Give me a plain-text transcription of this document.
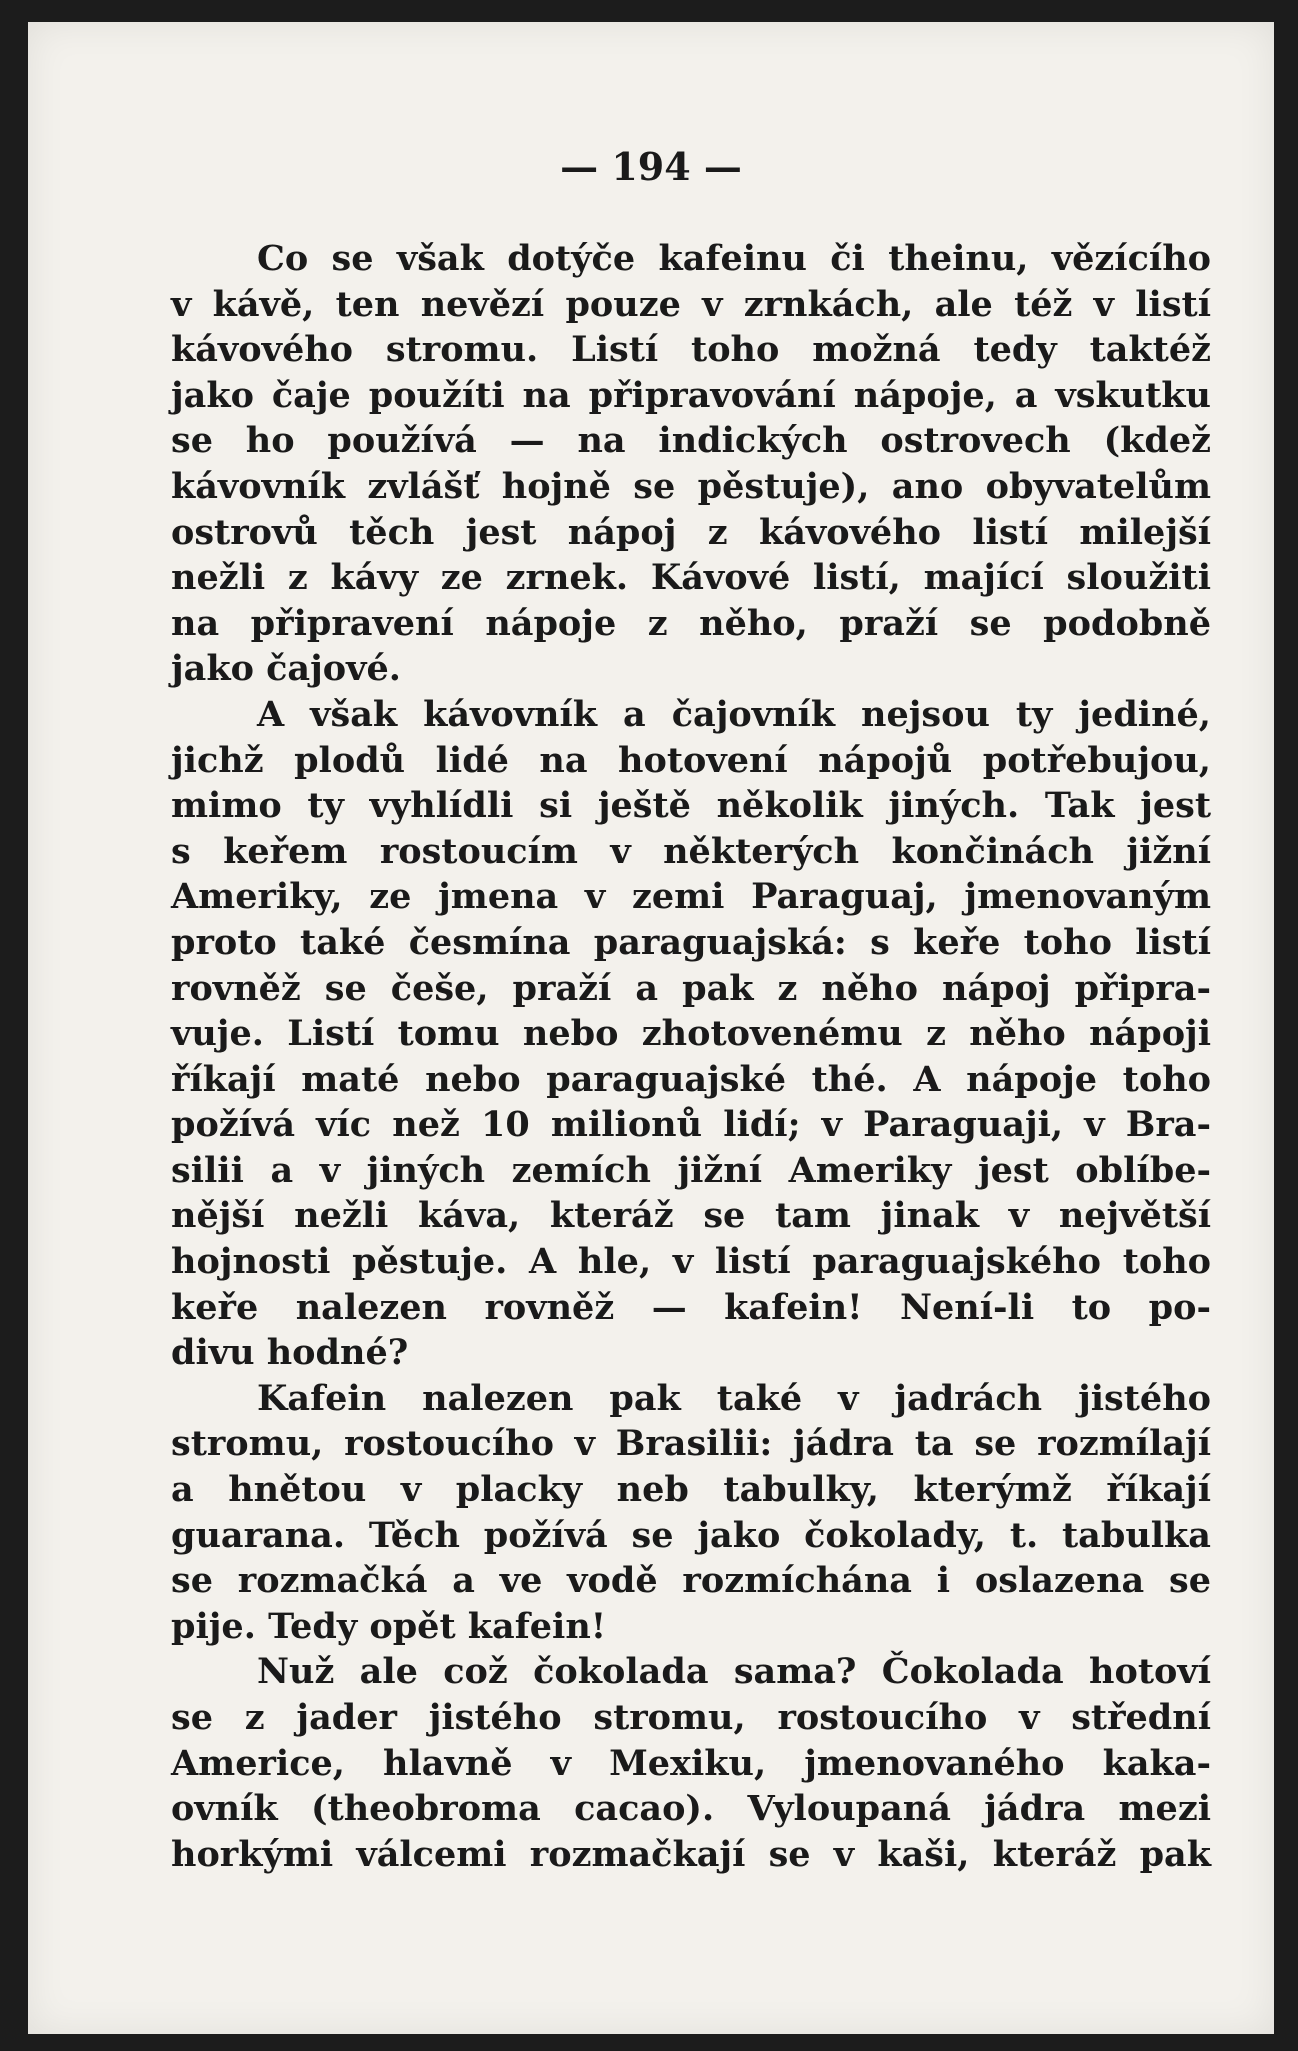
— 194 —
Co se však dotýče kafeinu či theinu, vězícího
v kávě, ten nevězí pouze v zrnkách, ale též v listí
kávového stromu. Listí toho možná tedy taktéž
jako čaje použíti na připravování nápoje, a vskutku
se ho používá — na indických ostrovech (kdež
kávovník zvlášť hojně se pěstuje), ano obyvatelům
ostrovů těch jest nápoj z kávového listí milejší
nežli z kávy ze zrnek. Kávové listí, mající sloužiti
na připravení nápoje z něho, praží se podobně
jako čajové.
A však kávovník a čajovník nejsou ty jediné,
jichž plodů lidé na hotovení nápojů potřebujou,
mimo ty vyhlídli si ještě několik jiných. Tak jest
s keřem rostoucím v některých končinách jižní
Ameriky, ze jmena v zemi Paraguaj, jmenovaným
proto také česmína paraguajská: s keře toho listí
rovněž se češe, praží a pak z něho nápoj připra-
vuje. Listí tomu nebo zhotovenému z něho nápoji
říkají maté nebo paraguajské thé. A nápoje toho
požívá víc než 10 milionů lidí; v Paraguaji, v Bra-
silii a v jiných zemích jižní Ameriky jest oblíbe-
nější nežli káva, kteráž se tam jinak v největší
hojnosti pěstuje. A hle, v listí paraguajského toho
keře nalezen rovněž — kafein! Není-li to po-
divu hodné?
Kafein nalezen pak také v jadrách jistého
stromu, rostoucího v Brasilii: jádra ta se rozmílají
a hnětou v placky neb tabulky, kterýmž říkají
guarana. Těch požívá se jako čokolady, t. tabulka
se rozmačká a ve vodě rozmíchána i oslazena se
pije. Tedy opět kafein!
Nuž ale což čokolada sama? Čokolada hotoví
se z jader jistého stromu, rostoucího v střední
Americe, hlavně v Mexiku, jmenovaného kaka-
ovník (theobroma cacao). Vyloupaná jádra mezi
horkými válcemi rozmačkají se v kaši, kteráž pak
